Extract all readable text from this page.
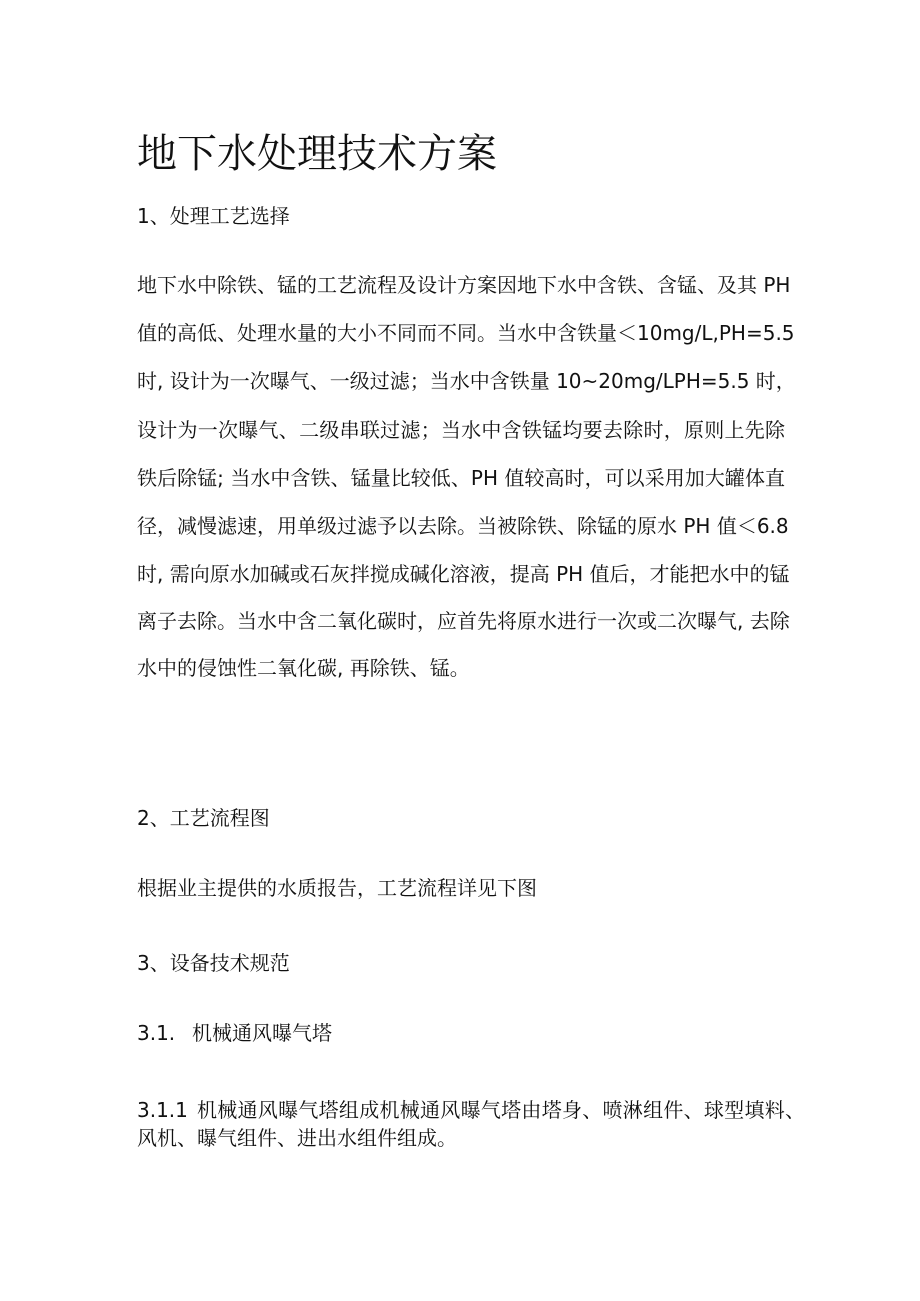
地下水处理技术方案
1、处理工艺选择
地下水中除铁、锰的工艺流程及设计方案因地下水中含铁、含锰、及其 PH
值的高低、处理水量的大小不同而不同。当水中含铁量＜10mg/L,PH=5.5
时, 设计为一次曝气、一级过滤；当水中含铁量 10~20mg/LPH=5.5 时，
设计为一次曝气、二级串联过滤；当水中含铁锰均要去除时，原则上先除
铁后除锰; 当水中含铁、锰量比较低、PH 值较高时，可以采用加大罐体直
径，减慢滤速，用单级过滤予以去除。当被除铁、除锰的原水 PH 值＜6.8
时, 需向原水加碱或石灰拌搅成碱化溶液，提高 PH 值后，才能把水中的锰
离子去除。当水中含二氧化碳时，应首先将原水进行一次或二次曝气, 去除
水中的侵蚀性二氧化碳, 再除铁、锰。
2、工艺流程图
根据业主提供的水质报告，工艺流程详见下图
3、设备技术规范
3.1. 机械通风曝气塔
3.1.1 机械通风曝气塔组成机械通风曝气塔由塔身、喷淋组件、球型填料、
风机、曝气组件、进出水组件组成。
